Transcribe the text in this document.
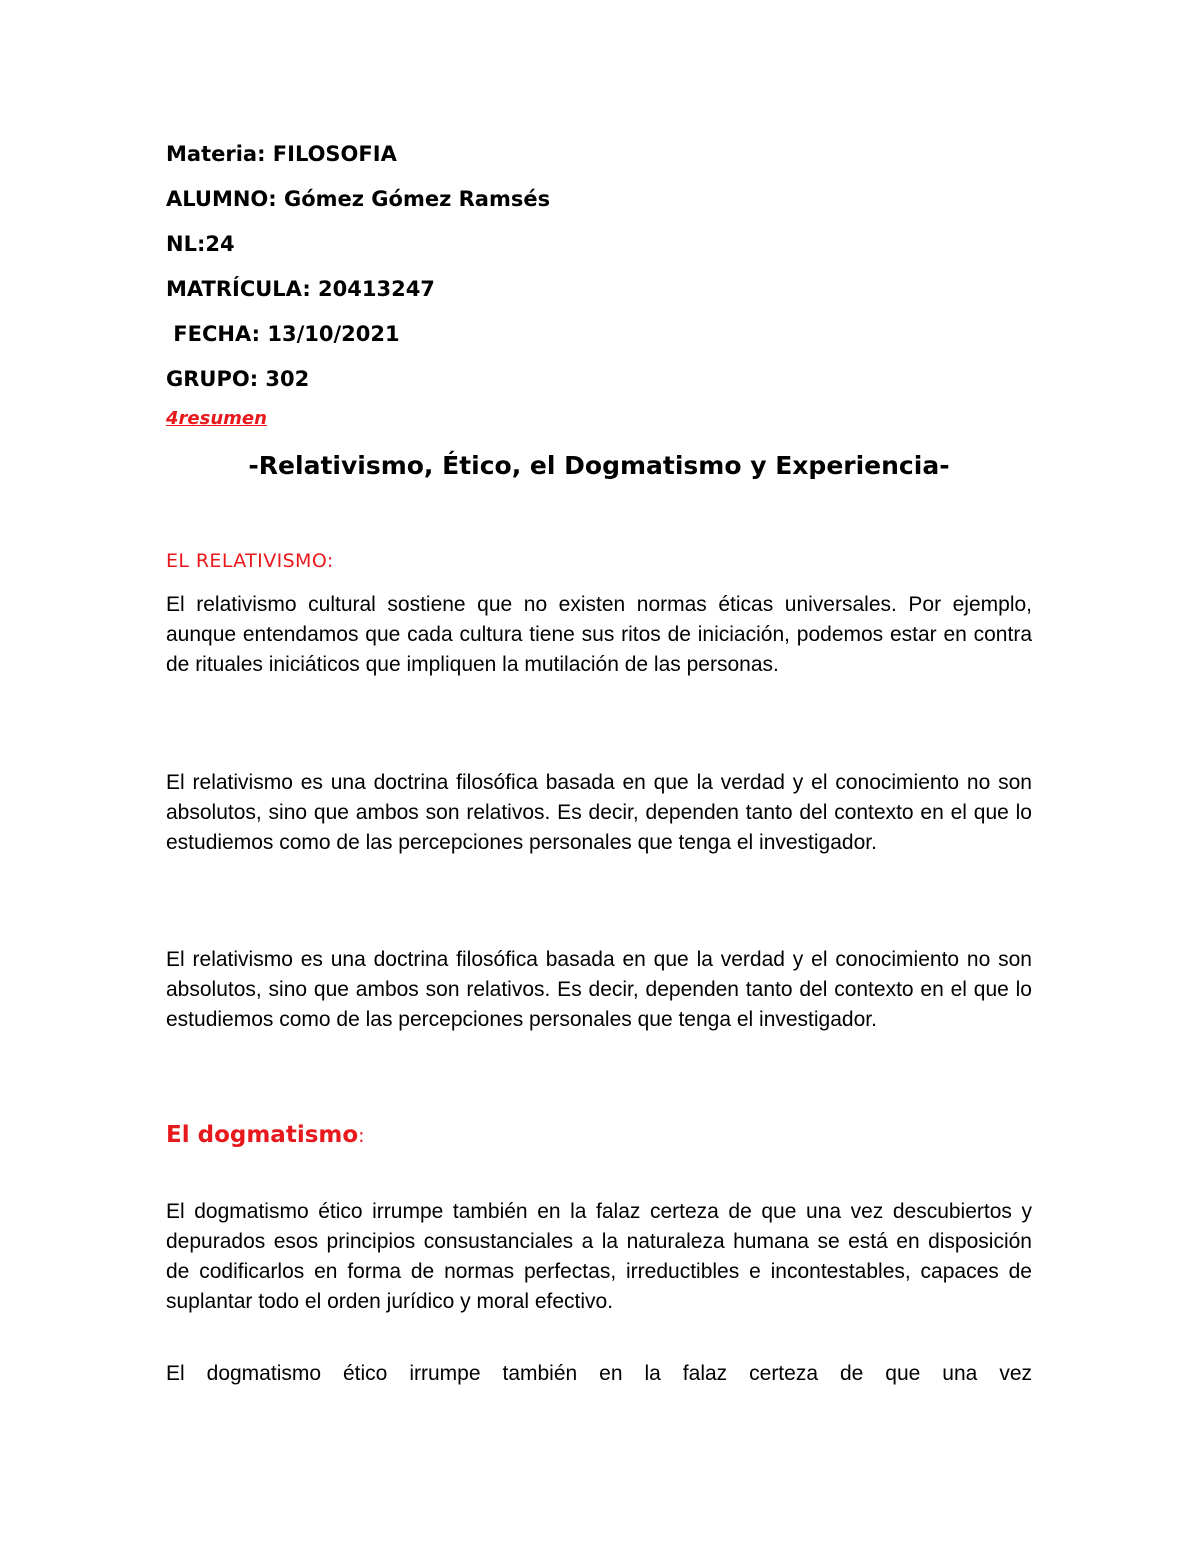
Materia: FILOSOFIA
ALUMNO: Gómez Gómez Ramsés
NL:24
MATRÍCULA: 20413247
FECHA: 13/10/2021
GRUPO: 302
4resumen
-Relativismo, Ético, el Dogmatismo y Experiencia-
EL RELATIVISMO:

El relativismo cultural sostiene que no existen normas éticas universales. Por ejemplo, aunque entendamos que cada cultura tiene sus ritos de iniciación, podemos estar en contra de rituales iniciáticos que impliquen la mutilación de las personas.

El relativismo es una doctrina filosófica basada en que la verdad y el conocimiento no son absolutos, sino que ambos son relativos. Es decir, dependen tanto del contexto en el que lo estudiemos como de las percepciones personales que tenga el investigador.

El relativismo es una doctrina filosófica basada en que la verdad y el conocimiento no son absolutos, sino que ambos son relativos. Es decir, dependen tanto del contexto en el que lo estudiemos como de las percepciones personales que tenga el investigador.

El dogmatismo:

El dogmatismo ético irrumpe también en la falaz certeza de que una vez descubiertos y depurados esos principios consustanciales a la naturaleza humana se está en disposición de codificarlos en forma de normas perfectas, irreductibles e incontestables, capaces de suplantar todo el orden jurídico y moral efectivo.

El dogmatismo ético irrumpe también en la falaz certeza de que una vez
